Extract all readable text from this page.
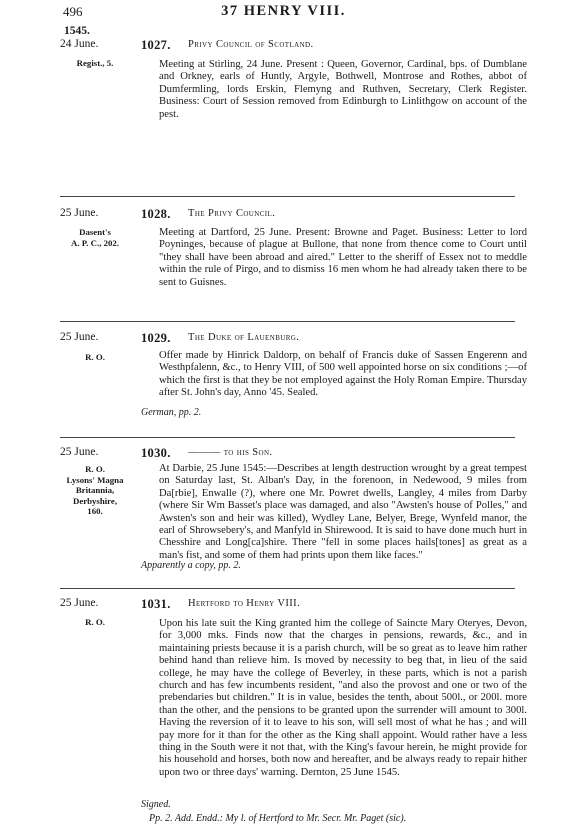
496	37 HENRY VIII.
1545.
24 June.	1027. Privy Council of Scotland.
Regist., 5.	Meeting at Stirling, 24 June. Present : Queen, Governor, Cardinal, bps. of Dumblane and Orkney, earls of Huntly, Argyle, Bothwell, Montrose and Rothes, abbot of Dumfermling, lords Erskin, Flemyng and Ruthven, Secretary, Clerk Register. Business: Court of Session removed from Edinburgh to Linlithgow on account of the pest.

25 June.	1028. The Privy Council.
Dasent's
A. P. C., 202.

Meeting at Dartford, 25 June. Present: Browne and Paget. Business: Letter to lord Poyninges, because of plague at Bullone, that none from thence come to Court until "they shall have been abroad and aired." Letter to the sheriff of Essex not to meddle within the rule of Pirgo, and to dismiss 16 men whom he had already taken there to be sent to Guisnes.

25 June.	1029. The Duke of Lauenburg.
R. O.	Offer made by Hinrick Daldorp, on behalf of Francis duke of Sassen Engerenn and Westhpfalenn, &c., to Henry VIII, of 500 well appointed horse on six conditions ;—of which the first is that they be not employed against the Holy Roman Empire. Thursday after St. John's day, Anno '45. Sealed.

German, pp. 2.
25 June.	1030. ——— to his Son.
R. O.
Lysons' Magna
Britannia,
Derbyshire,
160.

At Darbie, 25 June 1545:—Describes at length destruction wrought by a great tempest on Saturday last, St. Alban's Day, in the forenoon, in Nedewood, 9 miles from Da[rbie], Enwalle (?), where one Mr. Powret dwells, Langley, 4 miles from Darby (where Sir Wm Basset's place was damaged, and also "Awsten's house of Polles," and Awsten's son and heir was killed), Wydley Lane, Belyer, Brege, Wynfeld manor, the earl of Shrowsebery's, and Manfyld in Shirewood. It is said to have done much hurt in Chesshire and Long[ca]shire. There "fell in some places hails[tones] as great as a man's fist, and some of them had prints upon them like faces."

Apparently a copy, pp. 2.
25 June.	1031. Hertford to Henry VIII.
R. O.	Upon his late suit the King granted him the college of Saincte Mary Oteryes, Devon, for 3,000 mks. Finds now that the charges in pensions, rewards, &c., and in maintaining priests because it is a parish church, will be so great as to leave him rather behind hand than relieve him. Is moved by necessity to beg that, in lieu of the said college, he may have the college of Beverley, in these parts, which is not a parish church and has few incumbents resident, "and also the provost and one or two of the prebendaries but children." It is in value, besides the tenth, about 500l., or 200l. more than the other, and the pensions to be granted upon the surrender will amount to 300l. Having the reversion of it to leave to his son, will sell most of what he has ; and will pay more for it than for the other as the King shall appoint. Would rather have a less thing in the South were it not that, with the King's favour herein, he might provide for his household and horses, both now and hereafter, and be always ready to repair hither upon two or three days' warning. Dernton, 25 June 1545.

Signed.
Pp. 2. Add. Endd.: My l. of Hertford to Mr. Secr. Mr. Paget (sic).
